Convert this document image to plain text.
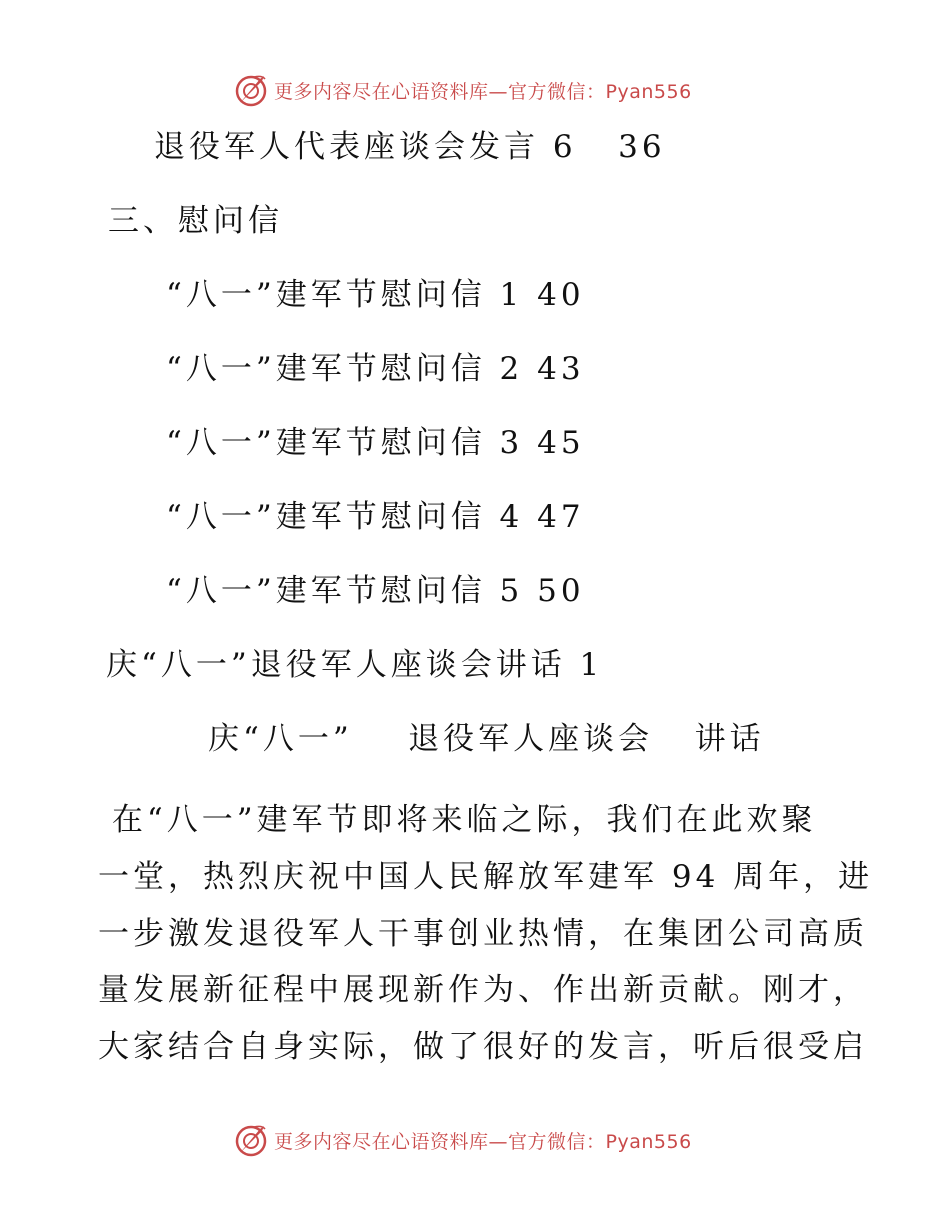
更多内容尽在心语资料库—官方微信：Pyan556
退役军人代表座谈会发言 6   36
三、慰问信
“八一”建军节慰问信 1 40
“八一”建军节慰问信 2 43
“八一”建军节慰问信 3 45
“八一”建军节慰问信 4 47
“八一”建军节慰问信 5 50
庆“八一”退役军人座谈会讲话 1
庆“八一”    退役军人座谈会   讲话
在“八一”建军节即将来临之际，我们在此欢聚
一堂，热烈庆祝中国人民解放军建军 94 周年，进
一步激发退役军人干事创业热情，在集团公司高质
量发展新征程中展现新作为、作出新贡献。刚才，
大家结合自身实际，做了很好的发言，听后很受启
更多内容尽在心语资料库—官方微信：Pyan556
